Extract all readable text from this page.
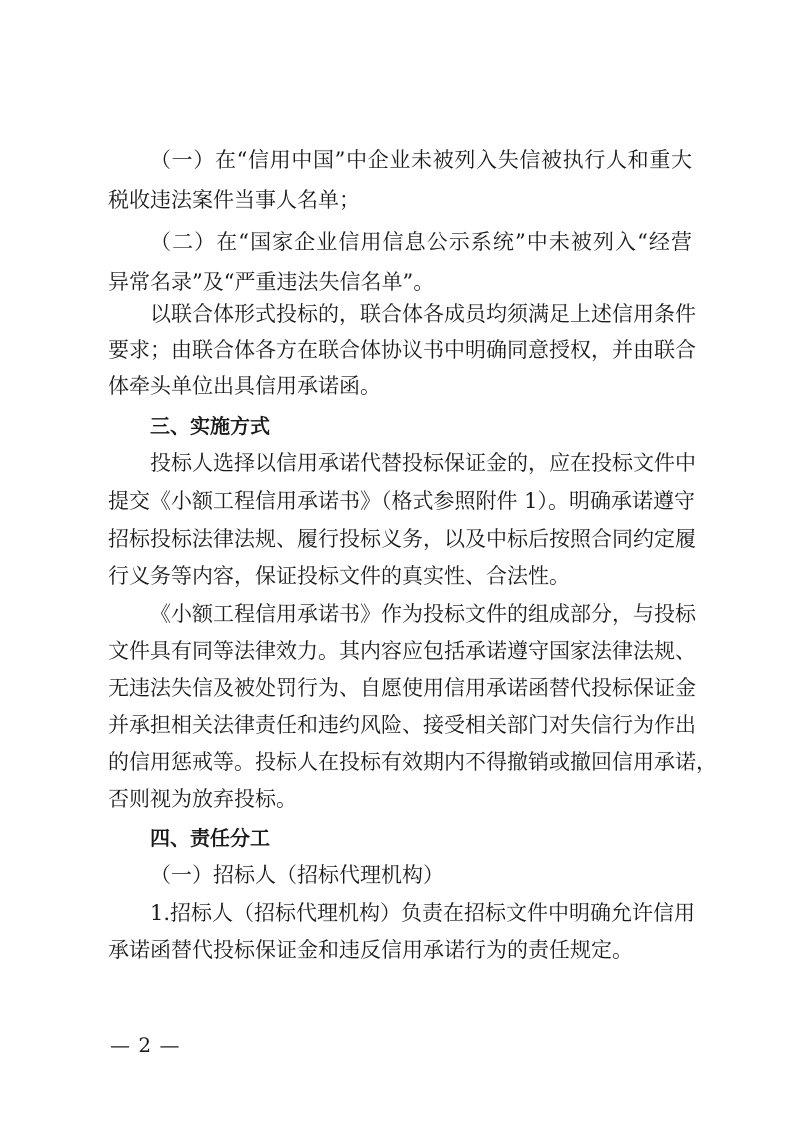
（一）在“信用中国”中企业未被列入失信被执行人和重大
税收违法案件当事人名单；
（二）在“国家企业信用信息公示系统”中未被列入“经营
异常名录”及“严重违法失信名单”。
以联合体形式投标的，联合体各成员均须满足上述信用条件
要求；由联合体各方在联合体协议书中明确同意授权，并由联合
体牵头单位出具信用承诺函。
三、实施方式
投标人选择以信用承诺代替投标保证金的，应在投标文件中
提交《小额工程信用承诺书》（格式参照附件 1）。明确承诺遵守
招标投标法律法规、履行投标义务，以及中标后按照合同约定履
行义务等内容，保证投标文件的真实性、合法性。
《小额工程信用承诺书》作为投标文件的组成部分，与投标
文件具有同等法律效力。其内容应包括承诺遵守国家法律法规、
无违法失信及被处罚行为、自愿使用信用承诺函替代投标保证金
并承担相关法律责任和违约风险、接受相关部门对失信行为作出
的信用惩戒等。投标人在投标有效期内不得撤销或撤回信用承诺，
否则视为放弃投标。
四、责任分工
（一）招标人（招标代理机构）
1.招标人（招标代理机构）负责在招标文件中明确允许信用
承诺函替代投标保证金和违反信用承诺行为的责任规定。
— 2 —
